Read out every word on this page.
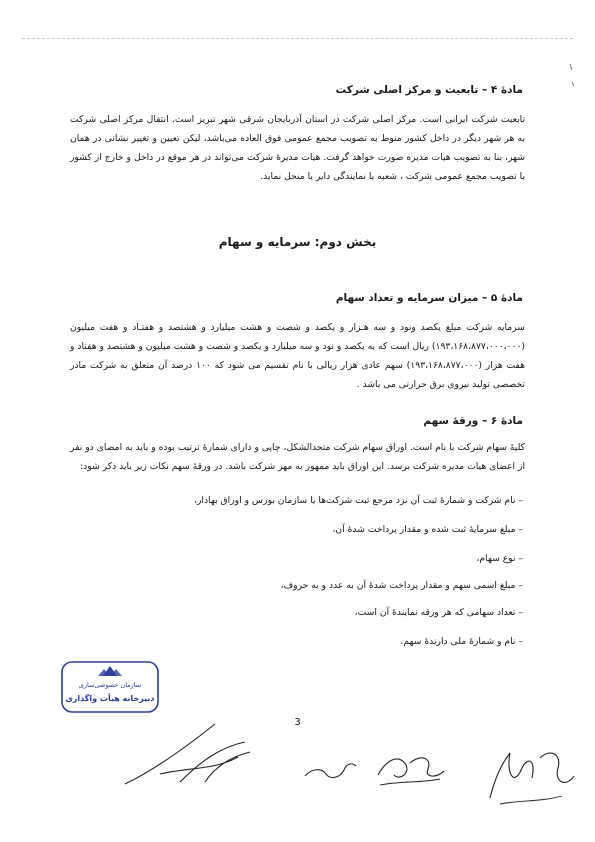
مادهٔ ۴ – تابعیت و مرکز اصلی شرکت
تابعیت شرکت ایرانی است. مرکز اصلی شرکت در استان آذربایجان شرقی شهر تبریز است. انتقال مرکز اصلی شرکت به هر شهر دیگر در داخل کشور منوط به تصویب مجمع عمومی فوق العاده می‌باشد، لیکن تعیین و تغییر نشانی در همان شهر، بنا به تصویب هیات مدیره صورت خواهد گرفت. هیات مدیرهٔ شرکت می‌تواند در هر موقع در داخل و خارج از کشور با تصویب مجمع عمومی شرکت ، شعبه یا نمایندگی دایر یا منحل نماید.
بخش دوم: سرمایه و سهام
مادهٔ ۵ – میزان سرمایه و تعداد سهام
سرمایه شرکت مبلغ یکصد ونود و سه هـزار و یکصد و شصت و هشت میلیارد و هشتصد و هفتـاد و هفت میلیون (۱۹۳،۱۶۸،۸۷۷،۰۰۰،۰۰۰) ریال است که به یکصد و نود و سه میلیارد و یکصد و شصت و هشت میلیون و هشتصد و هفتاد و هفت هزار (۱۹۳،۱۶۸،۸۷۷،۰۰۰) سهم عادی هزار ریالی با نام تقسیم می شود که ۱۰۰ درصد آن متعلق به شرکت مادر تخصصی تولید نیروی برق حرارتی می باشد .
مادهٔ ۶ – ورقهٔ سهم
کلیهٔ سهام شرکت با نام است. اوراق سهام شرکت متحدالشکل، چاپی و دارای شمارهٔ ترتیب بوده و باید به امضای دو نفر از اعضای هیات مدیره شرکت برسد. این اوراق باید ممهور به مهر شرکت باشد. در ورقهٔ سهم نکات زیر باید ذکر شود:
– نام شرکت و شمارهٔ ثبت آن نزد مرجع ثبت شرکت‌ها یا سازمان بورس و اوراق بهادار،
– مبلغ سرمایهٔ ثبت شده و مقدار پرداخت شدهٔ آن،
– نوع سهام،
– مبلغ اسمی سهم و مقدار پرداخت شدهٔ آن به عدد و به حروف،
– تعداد سهامی که هر ورقه نمایندهٔ آن است،
– نام و شمارهٔ ملی دارندهٔ سهم.
سازمان خصوصی‌سازی
دبیرخانه هیأت واگذاری
3
